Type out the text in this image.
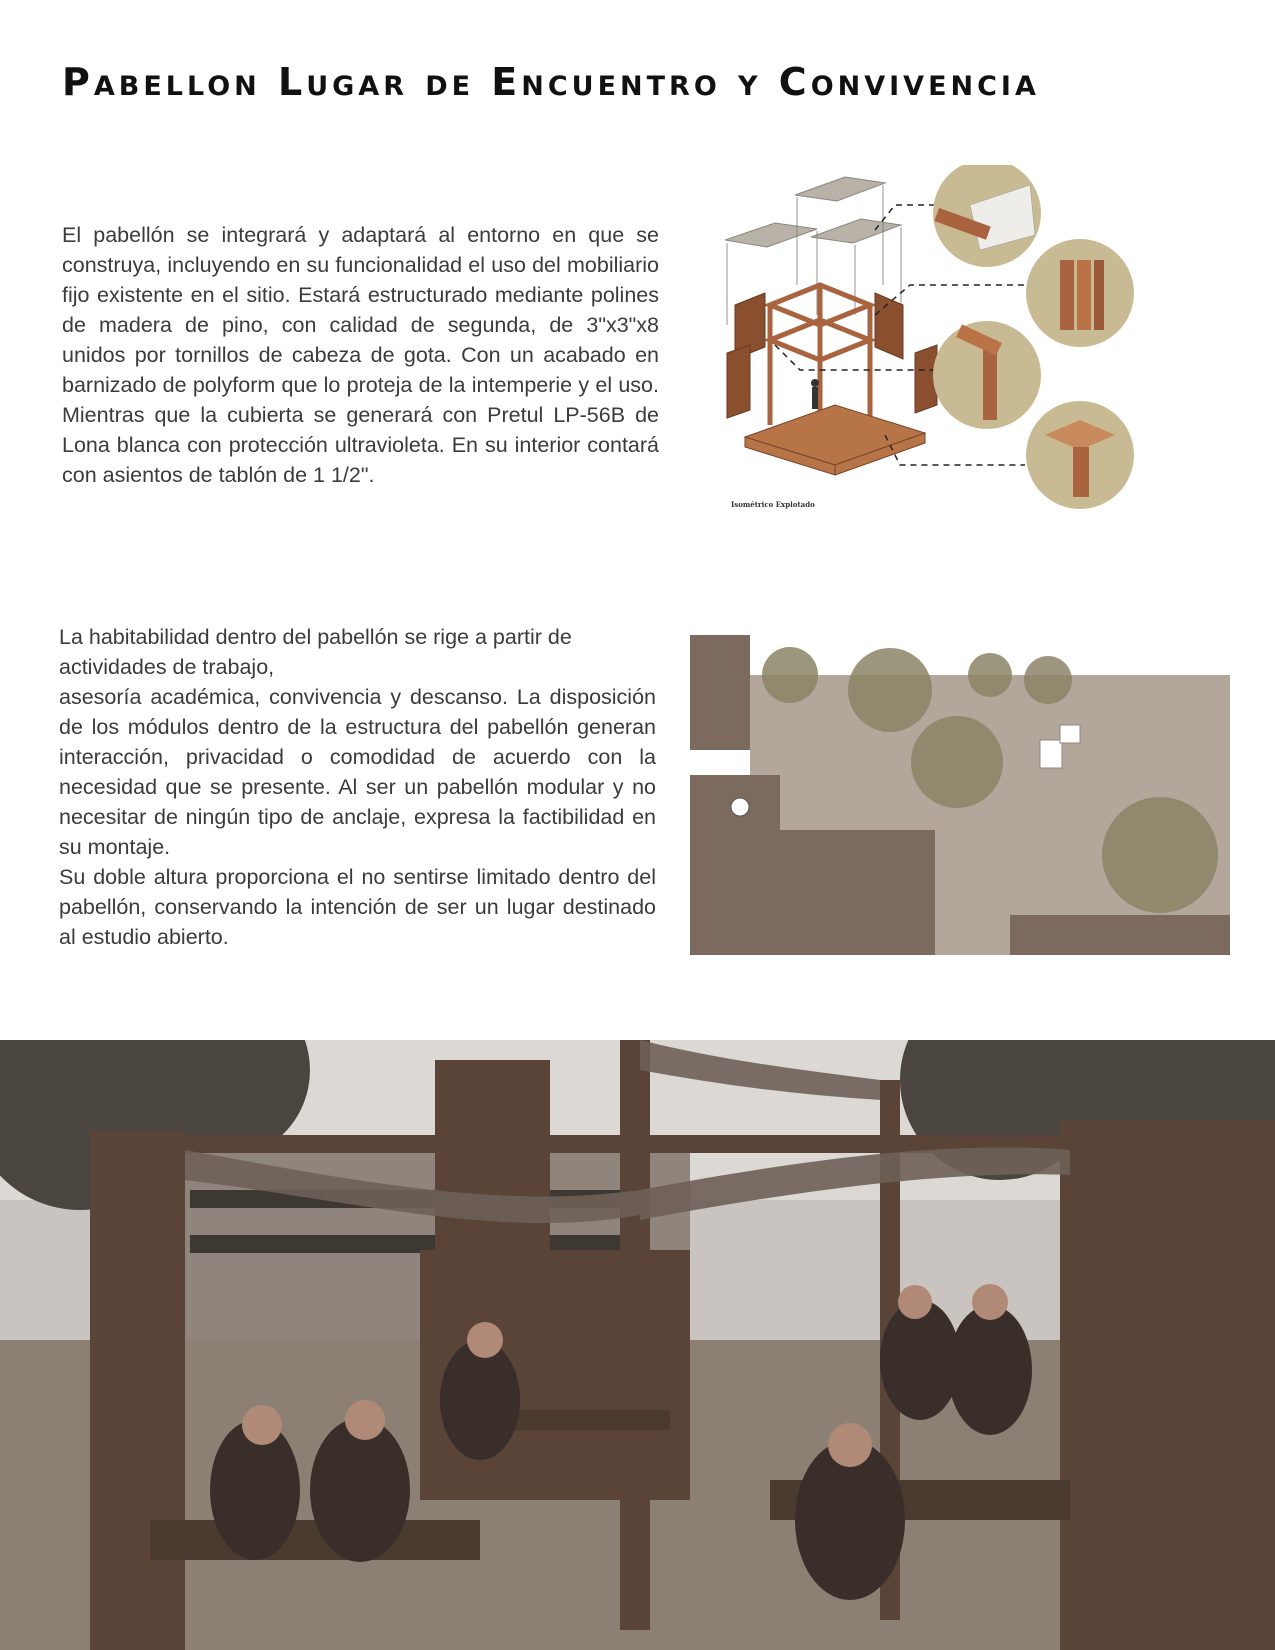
Pabellon Lugar de Encuentro y Convivencia

El pabellón se integrará y adaptará al entorno en que se construya, incluyendo en su funcionalidad el uso del mobiliario fijo existente en el sitio. Estará estructurado mediante polines de madera de pino, con calidad de segunda, de 3"x3"x8 unidos por tornillos de cabeza de gota. Con un acabado en barnizado de polyform que lo proteja de la intemperie y el uso. Mientras que la cubierta se generará con Pretul LP-56B de Lona blanca con protección ultravioleta. En su interior contará con asientos de tablón de 1 1/2".

La habitabilidad dentro del pabellón se rige a partir de
actividades de trabajo,
asesoría académica, convivencia y descanso. La disposición de los módulos dentro de la estructura del pabellón generan interacción, privacidad o comodidad de acuerdo con la necesidad que se presente. Al ser un pabellón modular y no necesitar de ningún tipo de anclaje, expresa la factibilidad en su montaje.
Su doble altura proporciona el no sentirse limitado dentro del pabellón, conservando la intención de ser un lugar destinado al estudio abierto.

Isométrico Explotado
